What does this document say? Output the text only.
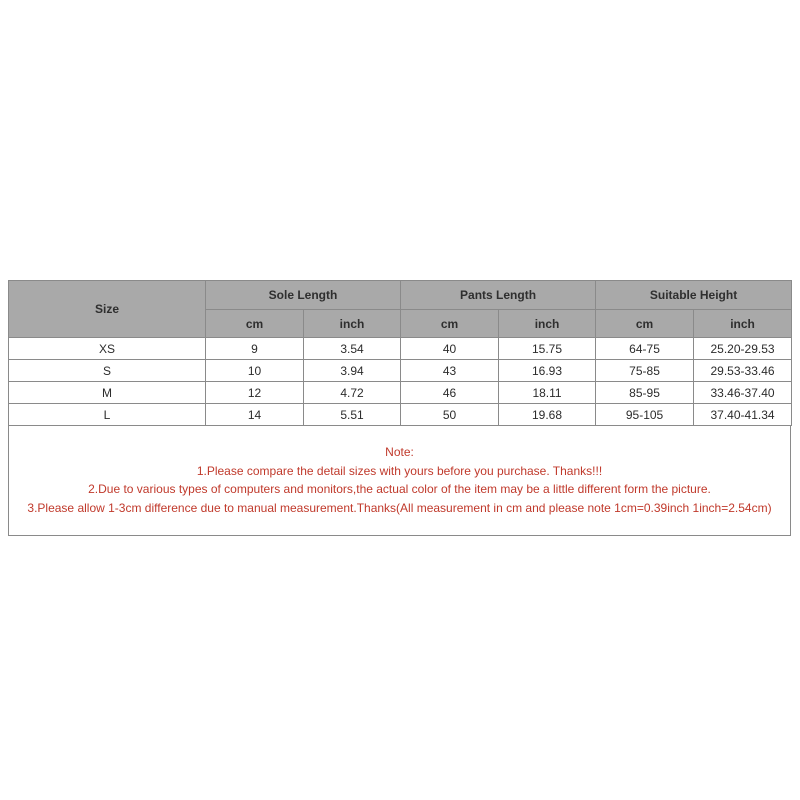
Size	Sole Length		Pants Length		Suitable Height	
	cm	inch	cm	inch	cm	inch
XS	9	3.54	40	15.75	64-75	25.20-29.53
S	10	3.94	43	16.93	75-85	29.53-33.46
M	12	4.72	46	18.11	85-95	33.46-37.40
L	14	5.51	50	19.68	95-105	37.40-41.34
Note:
1.Please compare the detail sizes with yours before you purchase. Thanks!!!
2.Due to various types of computers and monitors,the actual color of the item may be a little different form the picture.
3.Please allow 1-3cm difference due to manual measurement.Thanks(All measurement in cm and please note 1cm=0.39inch 1inch=2.54cm)
